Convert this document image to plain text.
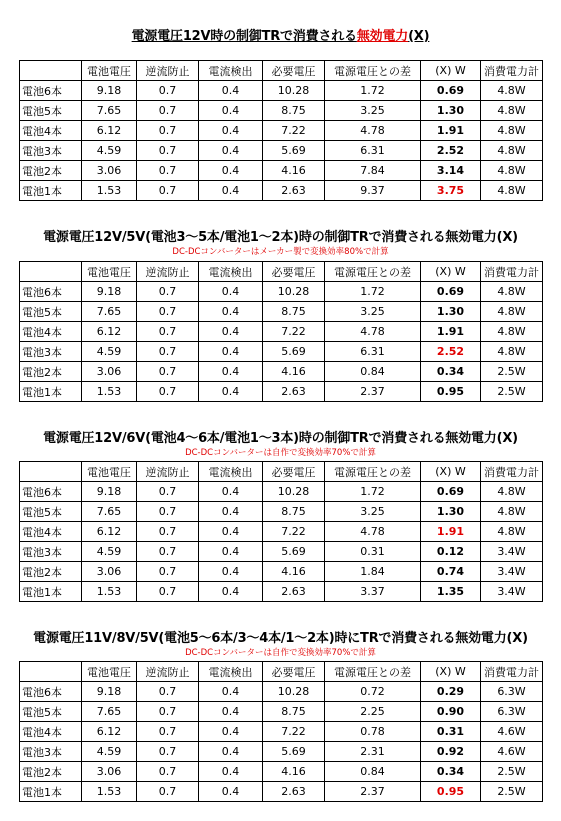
電源電圧12V時の制御TRで消費される無効電力(X)
	電池電圧	逆流防止	電流検出	必要電圧	電源電圧との差	(X) W	消費電力計
電池6本	9.18	0.7	0.4	10.28	1.72	0.69	4.8W
電池5本	7.65	0.7	0.4	8.75	3.25	1.30	4.8W
電池4本	6.12	0.7	0.4	7.22	4.78	1.91	4.8W
電池3本	4.59	0.7	0.4	5.69	6.31	2.52	4.8W
電池2本	3.06	0.7	0.4	4.16	7.84	3.14	4.8W
電池1本	1.53	0.7	0.4	2.63	9.37	3.75	4.8W
電源電圧12V/5V(電池3～5本/電池1～2本)時の制御TRで消費される無効電力(X)
DC-DCコンバーターはメーカー製で変換効率80%で計算
	電池電圧	逆流防止	電流検出	必要電圧	電源電圧との差	(X) W	消費電力計
電池6本	9.18	0.7	0.4	10.28	1.72	0.69	4.8W
電池5本	7.65	0.7	0.4	8.75	3.25	1.30	4.8W
電池4本	6.12	0.7	0.4	7.22	4.78	1.91	4.8W
電池3本	4.59	0.7	0.4	5.69	6.31	2.52	4.8W
電池2本	3.06	0.7	0.4	4.16	0.84	0.34	2.5W
電池1本	1.53	0.7	0.4	2.63	2.37	0.95	2.5W
電源電圧12V/6V(電池4～6本/電池1～3本)時の制御TRで消費される無効電力(X)
DC-DCコンバーターは自作で変換効率70%で計算
	電池電圧	逆流防止	電流検出	必要電圧	電源電圧との差	(X) W	消費電力計
電池6本	9.18	0.7	0.4	10.28	1.72	0.69	4.8W
電池5本	7.65	0.7	0.4	8.75	3.25	1.30	4.8W
電池4本	6.12	0.7	0.4	7.22	4.78	1.91	4.8W
電池3本	4.59	0.7	0.4	5.69	0.31	0.12	3.4W
電池2本	3.06	0.7	0.4	4.16	1.84	0.74	3.4W
電池1本	1.53	0.7	0.4	2.63	3.37	1.35	3.4W
電源電圧11V/8V/5V(電池5～6本/3～4本/1～2本)時にTRで消費される無効電力(X)
DC-DCコンバーターは自作で変換効率70%で計算
	電池電圧	逆流防止	電流検出	必要電圧	電源電圧との差	(X) W	消費電力計
電池6本	9.18	0.7	0.4	10.28	0.72	0.29	6.3W
電池5本	7.65	0.7	0.4	8.75	2.25	0.90	6.3W
電池4本	6.12	0.7	0.4	7.22	0.78	0.31	4.6W
電池3本	4.59	0.7	0.4	5.69	2.31	0.92	4.6W
電池2本	3.06	0.7	0.4	4.16	0.84	0.34	2.5W
電池1本	1.53	0.7	0.4	2.63	2.37	0.95	2.5W
